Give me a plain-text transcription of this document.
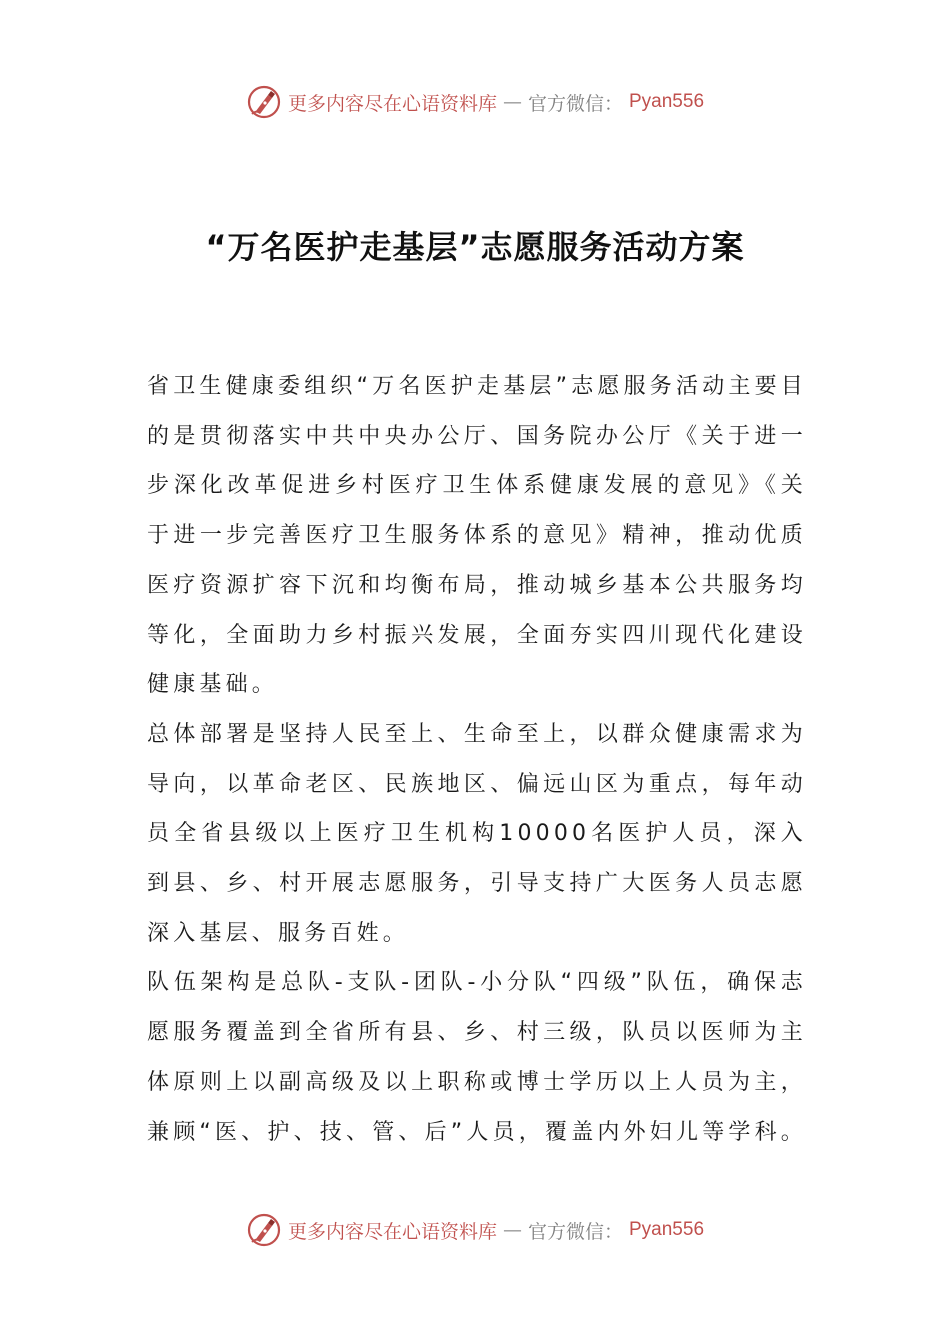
更多内容尽在心语资料库 — 官方微信： Pyan556
“万名医护走基层”志愿服务活动方案

省卫生健康委组织“万名医护走基层”志愿服务活动主要目的是贯彻落实中共中央办公厅、国务院办公厅《关于进一步深化改革促进乡村医疗卫生体系健康发展的意见》《关于进一步完善医疗卫生服务体系的意见》精神，推动优质医疗资源扩容下沉和均衡布局，推动城乡基本公共服务均等化，全面助力乡村振兴发展，全面夯实四川现代化建设健康基础。

总体部署是坚持人民至上、生命至上，以群众健康需求为导向，以革命老区、民族地区、偏远山区为重点，每年动员全省县级以上医疗卫生机构10000名医护人员，深入到县、乡、村开展志愿服务，引导支持广大医务人员志愿深入基层、服务百姓。

队伍架构是总队-支队-团队-小分队“四级”队伍，确保志愿服务覆盖到全省所有县、乡、村三级，队员以医师为主体原则上以副高级及以上职称或博士学历以上人员为主，兼顾“医、护、技、管、后”人员，覆盖内外妇儿等学科。

更多内容尽在心语资料库 — 官方微信： Pyan556
